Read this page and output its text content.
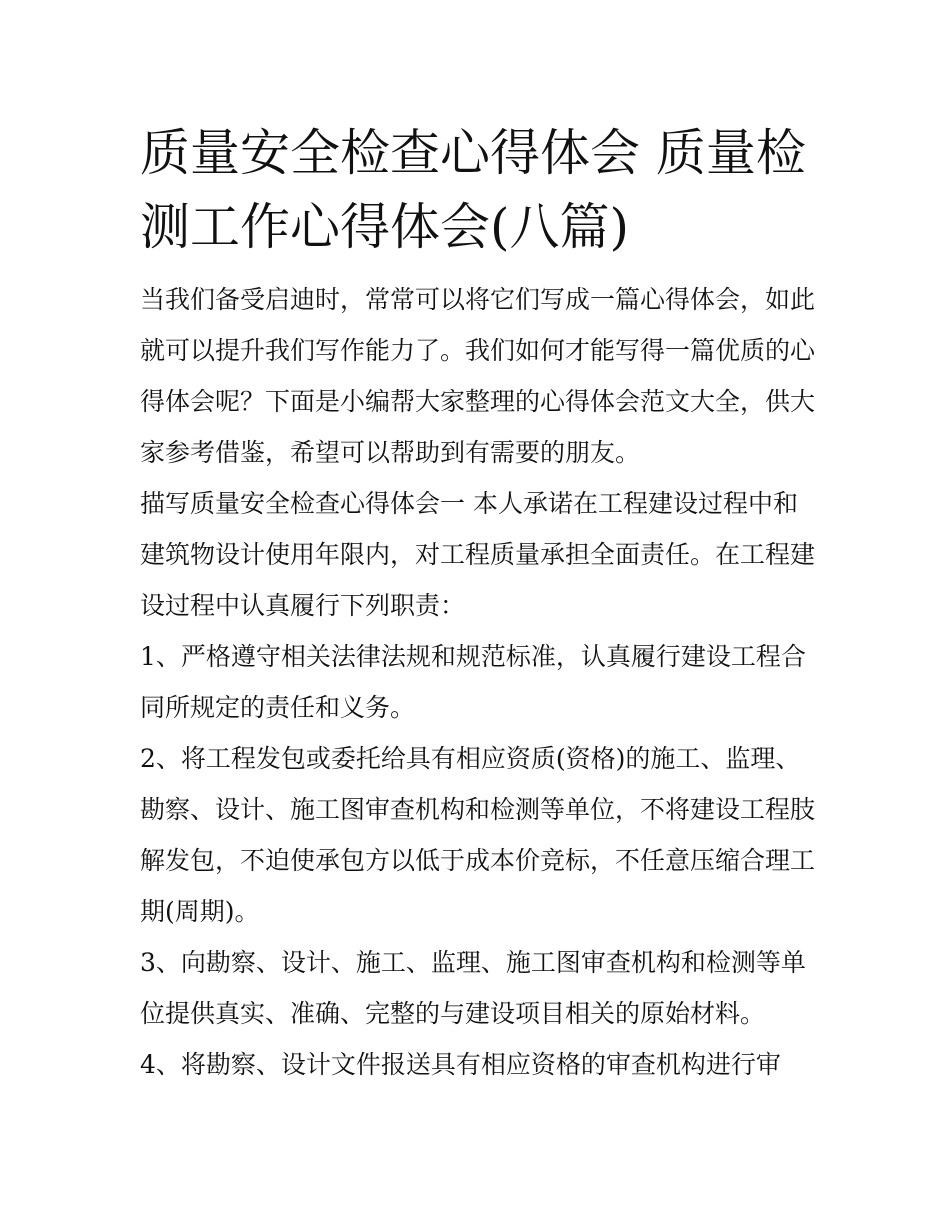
质量安全检查心得体会 质量检
测工作心得体会(八篇)
当我们备受启迪时，常常可以将它们写成一篇心得体会，如此
就可以提升我们写作能力了。我们如何才能写得一篇优质的心
得体会呢？下面是小编帮大家整理的心得体会范文大全，供大
家参考借鉴，希望可以帮助到有需要的朋友。
描写质量安全检查心得体会一 本人承诺在工程建设过程中和
建筑物设计使用年限内，对工程质量承担全面责任。在工程建
设过程中认真履行下列职责：
1、严格遵守相关法律法规和规范标准，认真履行建设工程合
同所规定的责任和义务。
2、将工程发包或委托给具有相应资质(资格)的施工、监理、
勘察、设计、施工图审查机构和检测等单位，不将建设工程肢
解发包，不迫使承包方以低于成本价竞标，不任意压缩合理工
期(周期)。
3、向勘察、设计、施工、监理、施工图审查机构和检测等单
位提供真实、准确、完整的与建设项目相关的原始材料。
4、将勘察、设计文件报送具有相应资格的审查机构进行审
